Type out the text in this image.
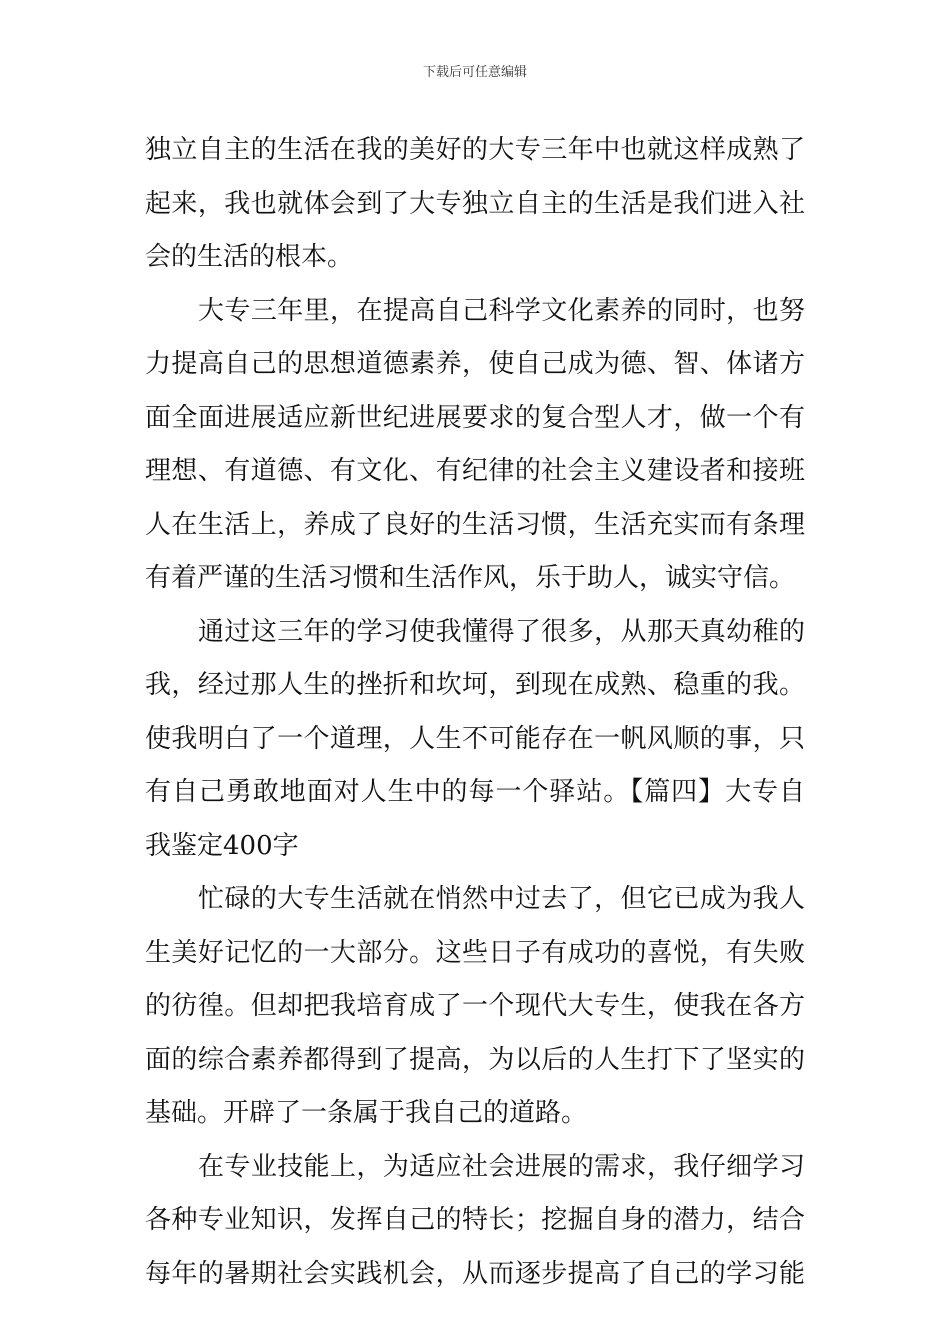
下载后可任意编辑
独立自主的生活在我的美好的大专三年中也就这样成熟了
起来，我也就体会到了大专独立自主的生活是我们进入社
会的生活的根本。
大专三年里，在提高自己科学文化素养的同时，也努
力提高自己的思想道德素养，使自己成为德、智、体诸方
面全面进展适应新世纪进展要求的复合型人才，做一个有
理想、有道德、有文化、有纪律的社会主义建设者和接班
人在生活上，养成了良好的生活习惯，生活充实而有条理
有着严谨的生活习惯和生活作风，乐于助人，诚实守信。
通过这三年的学习使我懂得了很多，从那天真幼稚的
我，经过那人生的挫折和坎坷，到现在成熟、稳重的我。
使我明白了一个道理，人生不可能存在一帆风顺的事，只
有自己勇敢地面对人生中的每一个驿站。【篇四】大专自
我鉴定400字
忙碌的大专生活就在悄然中过去了，但它已成为我人
生美好记忆的一大部分。这些日子有成功的喜悦，有失败
的彷徨。但却把我培育成了一个现代大专生，使我在各方
面的综合素养都得到了提高，为以后的人生打下了坚实的
基础。开辟了一条属于我自己的道路。
在专业技能上，为适应社会进展的需求，我仔细学习
各种专业知识，发挥自己的特长；挖掘自身的潜力，结合
每年的暑期社会实践机会，从而逐步提高了自己的学习能
